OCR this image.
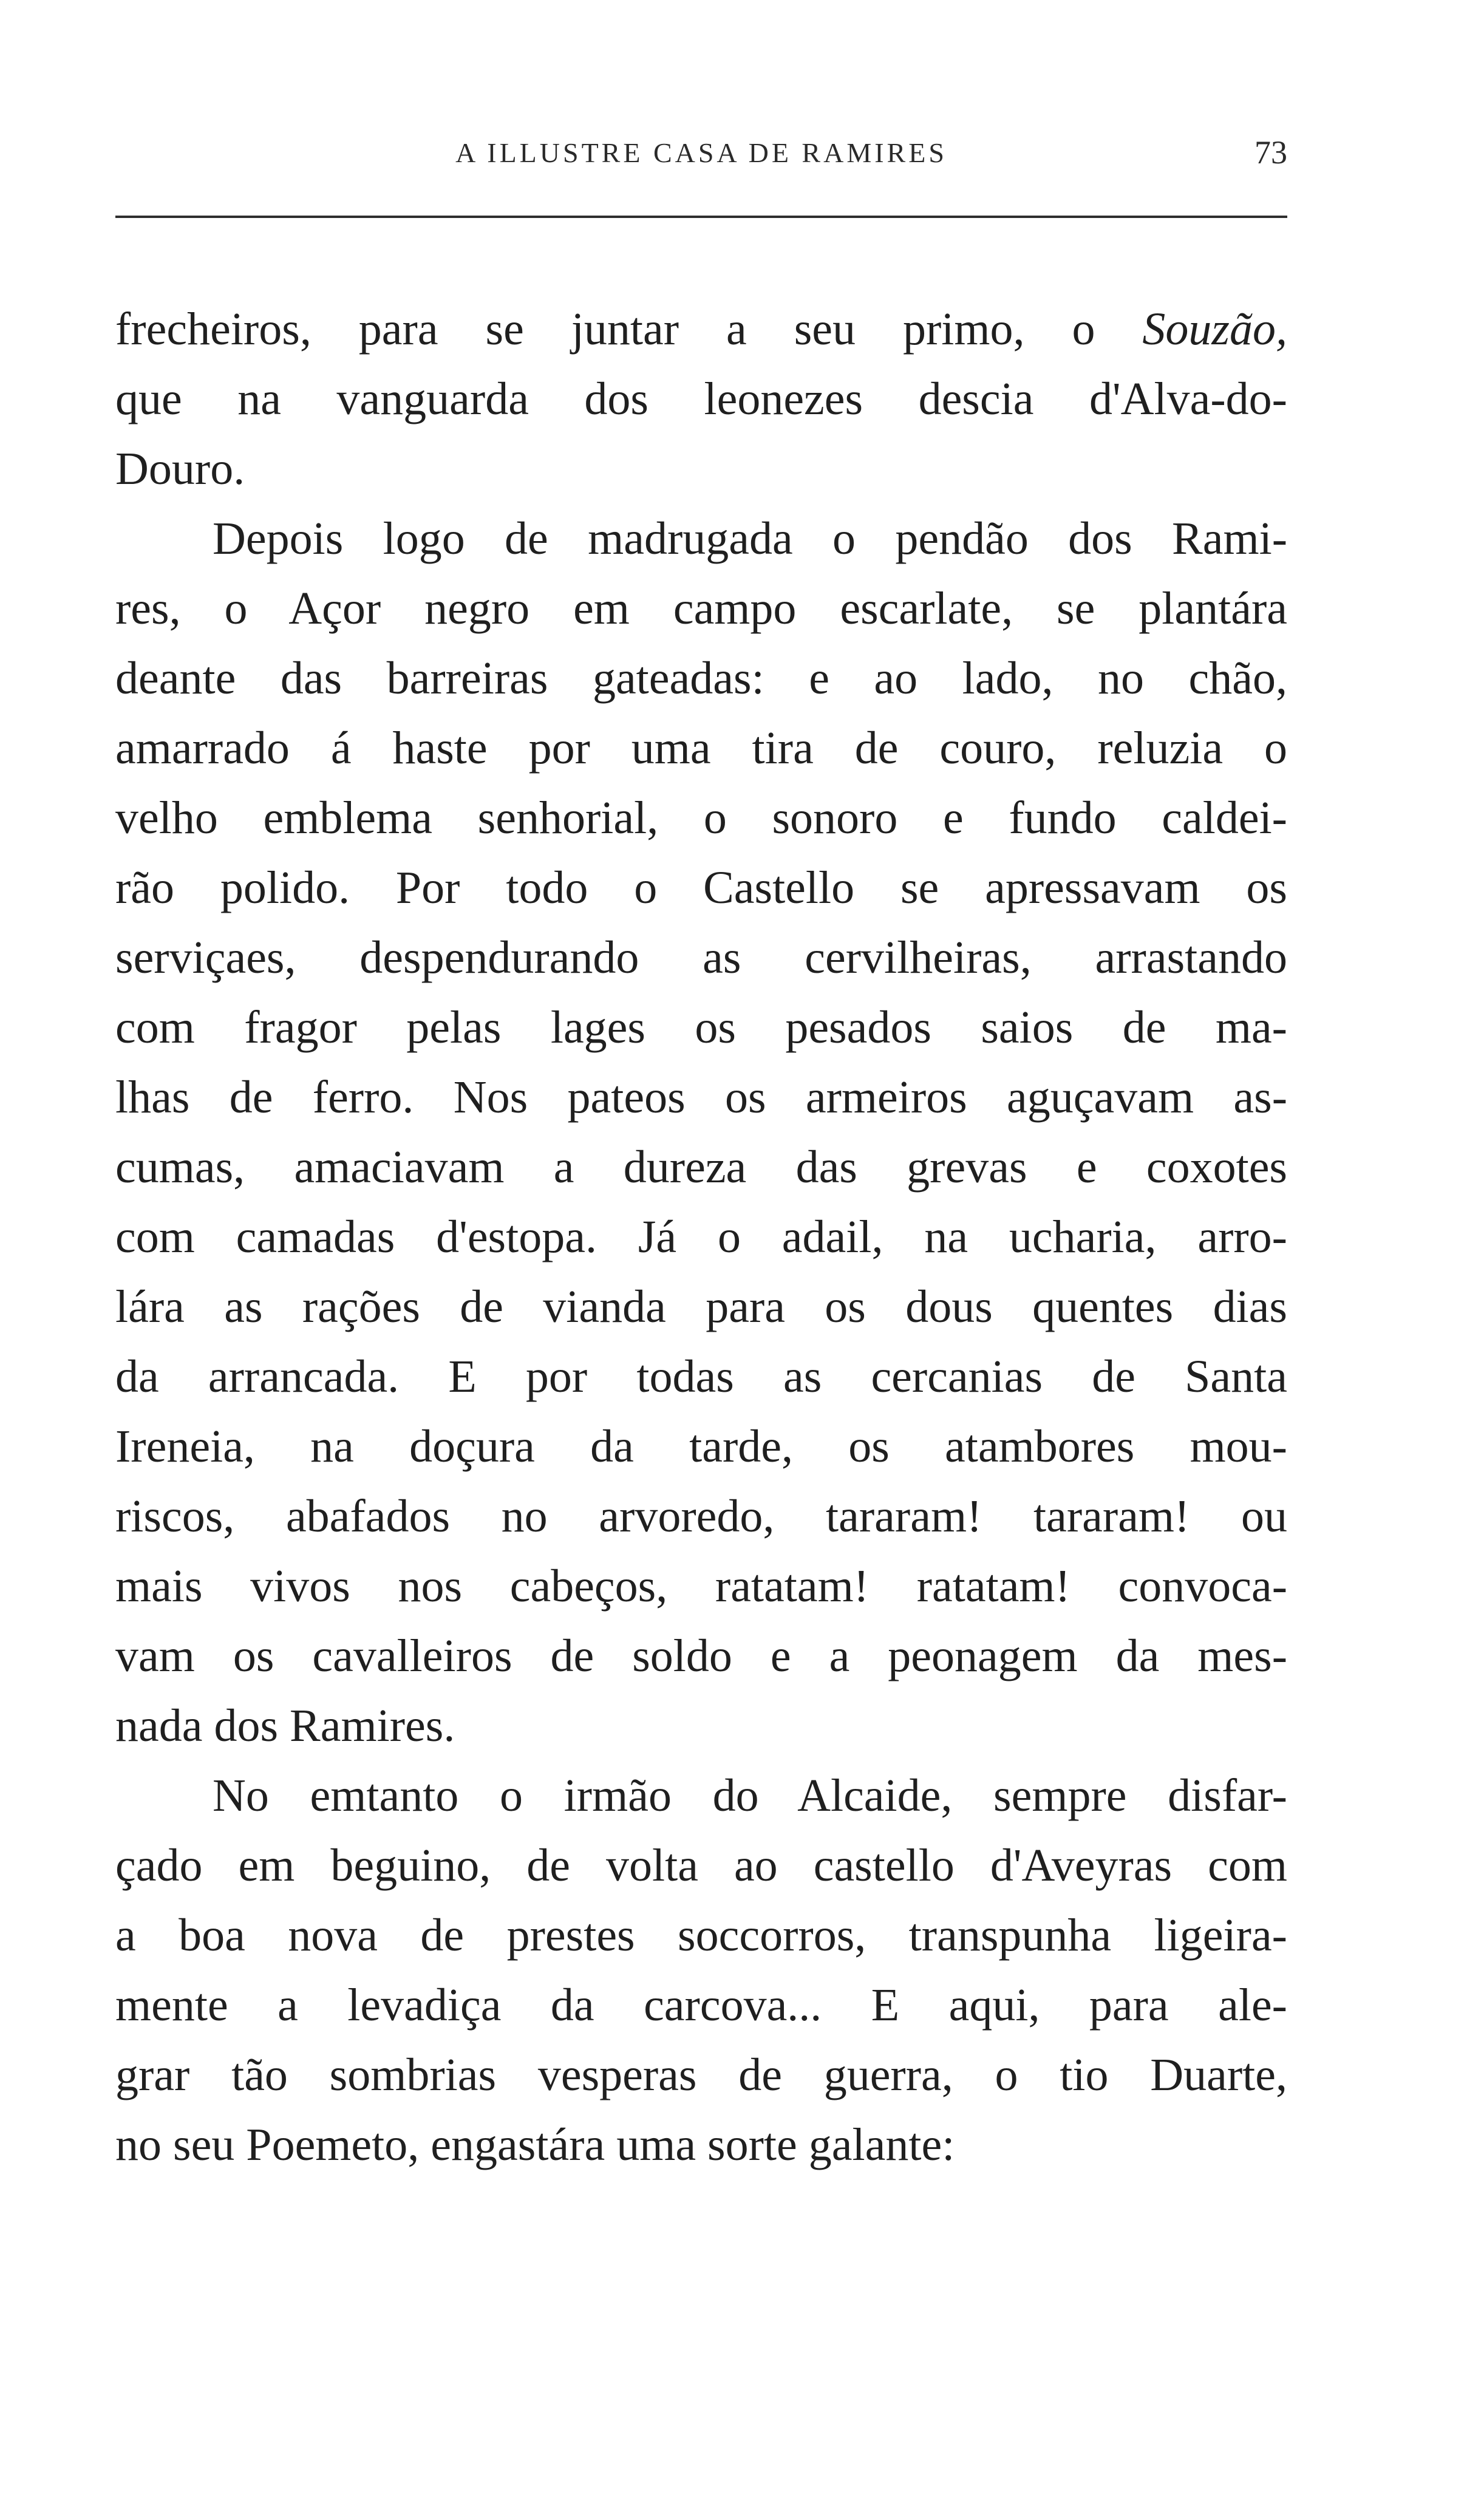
A ILLUSTRE CASA DE RAMIRES	73
frecheiros, para se juntar a seu primo, o Souzão,
que na vanguarda dos leonezes descia d'Alva-do-
Douro.
Depois logo de madrugada o pendão dos Rami-
res, o Açor negro em campo escarlate, se plantára
deante das barreiras gateadas: e ao lado, no chão,
amarrado á haste por uma tira de couro, reluzia o
velho emblema senhorial, o sonoro e fundo caldei-
rão polido. Por todo o Castello se apressavam os
serviçaes, despendurando as cervilheiras, arrastando
com fragor pelas lages os pesados saios de ma-
lhas de ferro. Nos pateos os armeiros aguçavam as-
cumas, amaciavam a dureza das grevas e coxotes
com camadas d'estopa. Já o adail, na ucharia, arro-
lára as rações de vianda para os dous quentes dias
da arrancada. E por todas as cercanias de Santa
Ireneia, na doçura da tarde, os atambores mou-
riscos, abafados no arvoredo, tararam! tararam! ou
mais vivos nos cabeços, ratatam! ratatam! convoca-
vam os cavalleiros de soldo e a peonagem da mes-
nada dos Ramires.
No emtanto o irmão do Alcaide, sempre disfar-
çado em beguino, de volta ao castello d'Aveyras com
a boa nova de prestes soccorros, transpunha ligeira-
mente a levadiça da carcova... E aqui, para ale-
grar tão sombrias vesperas de guerra, o tio Duarte,
no seu Poemeto, engastára uma sorte galante:
